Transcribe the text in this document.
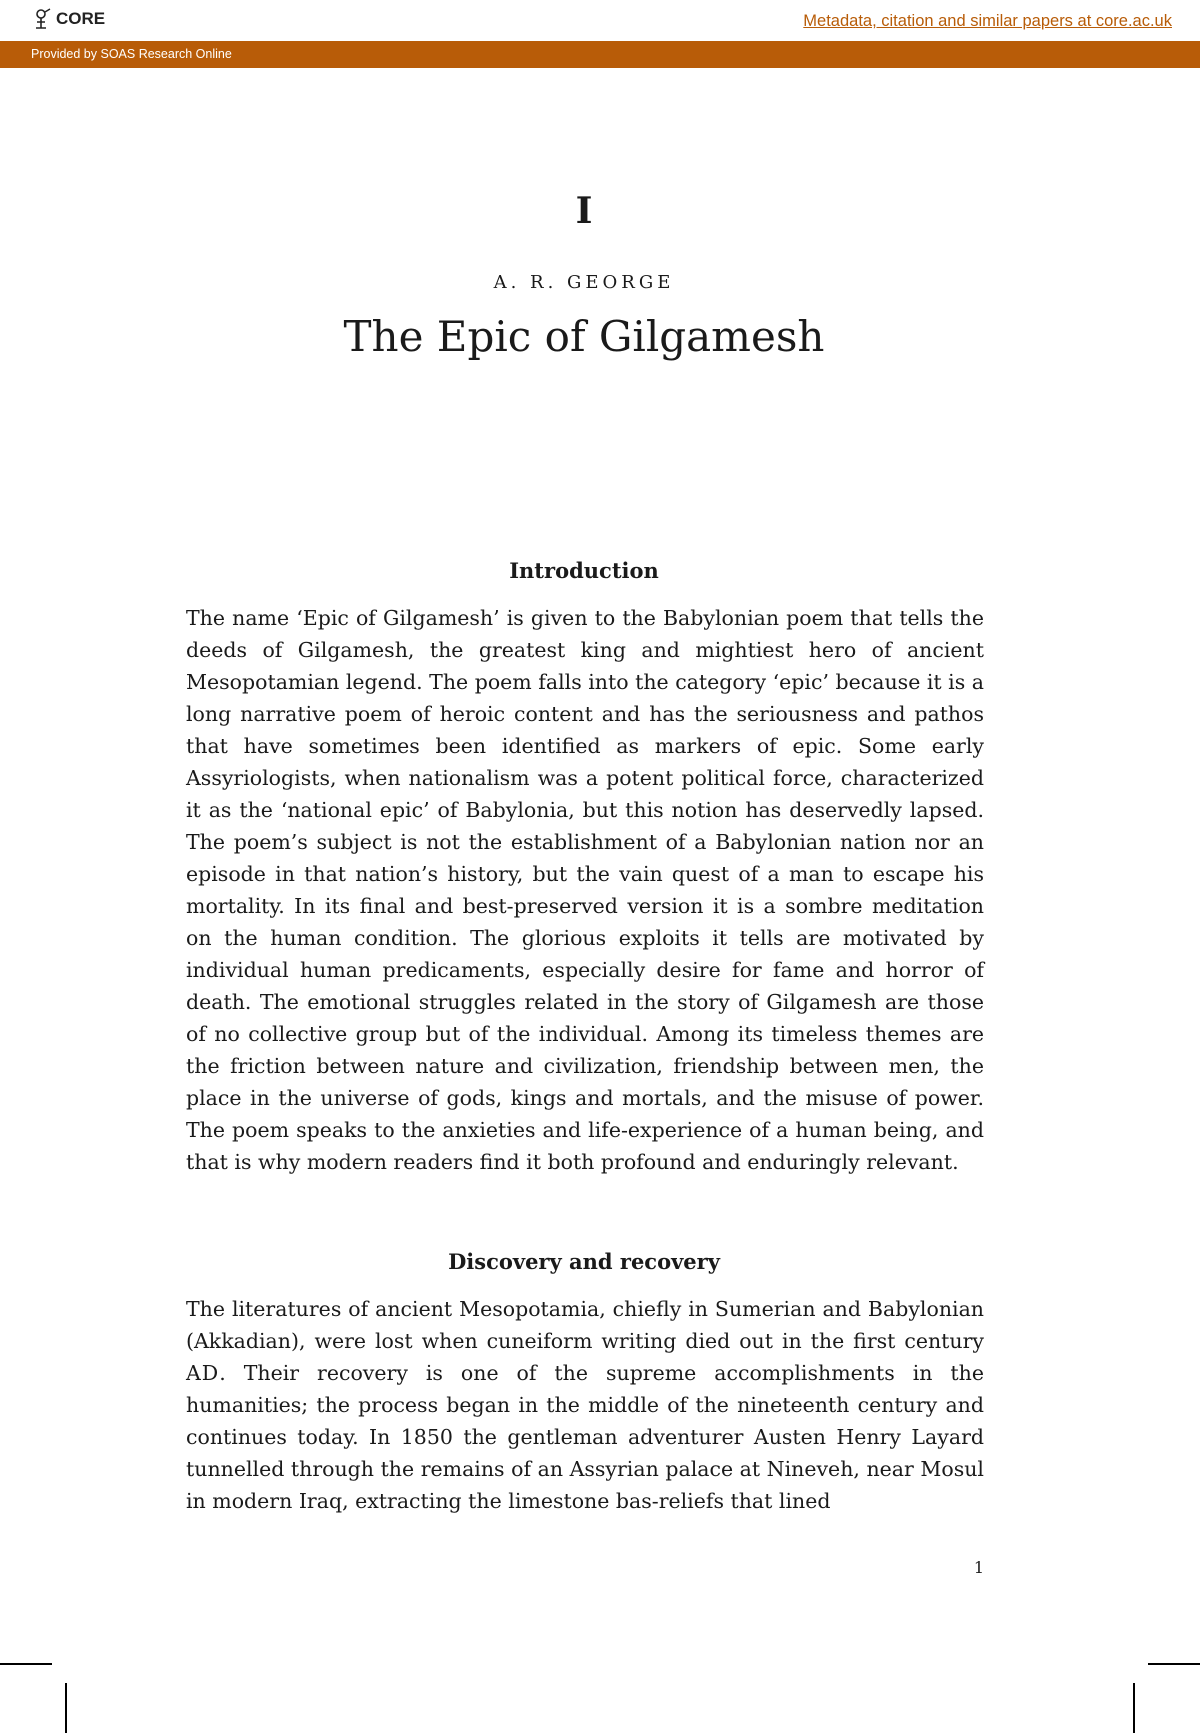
CORE	Metadata, citation and similar papers at core.ac.uk
Provided by SOAS Research Online
I
A. R. GEORGE
The Epic of Gilgamesh
Introduction

The name ‘Epic of Gilgamesh’ is given to the Babylonian poem that tells the deeds of Gilgamesh, the greatest king and mightiest hero of ancient Mesopotamian legend. The poem falls into the category ‘epic’ because it is a long narrative poem of heroic content and has the seriousness and pathos that have sometimes been identified as markers of epic. Some early Assyriologists, when nationalism was a potent political force, characterized it as the ‘national epic’ of Babylonia, but this notion has deservedly lapsed. The poem’s subject is not the establishment of a Babylonian nation nor an episode in that nation’s history, but the vain quest of a man to escape his mortality. In its final and best-preserved version it is a sombre meditation on the human condition. The glorious exploits it tells are motivated by individual human predicaments, especially desire for fame and horror of death. The emotional struggles related in the story of Gilgamesh are those of no collective group but of the individual. Among its timeless themes are the friction between nature and civilization, friendship between men, the place in the universe of gods, kings and mortals, and the misuse of power. The poem speaks to the anxieties and life-experience of a human being, and that is why modern readers find it both profound and enduringly relevant.

Discovery and recovery

The literatures of ancient Mesopotamia, chiefly in Sumerian and Babylonian (Akkadian), were lost when cuneiform writing died out in the first century AD. Their recovery is one of the supreme accomplishments in the humanities; the process began in the middle of the nineteenth century and continues today. In 1850 the gentleman adventurer Austen Henry Layard tunnelled through the remains of an Assyrian palace at Nineveh, near Mosul in modern Iraq, extracting the limestone bas-reliefs that lined

1
